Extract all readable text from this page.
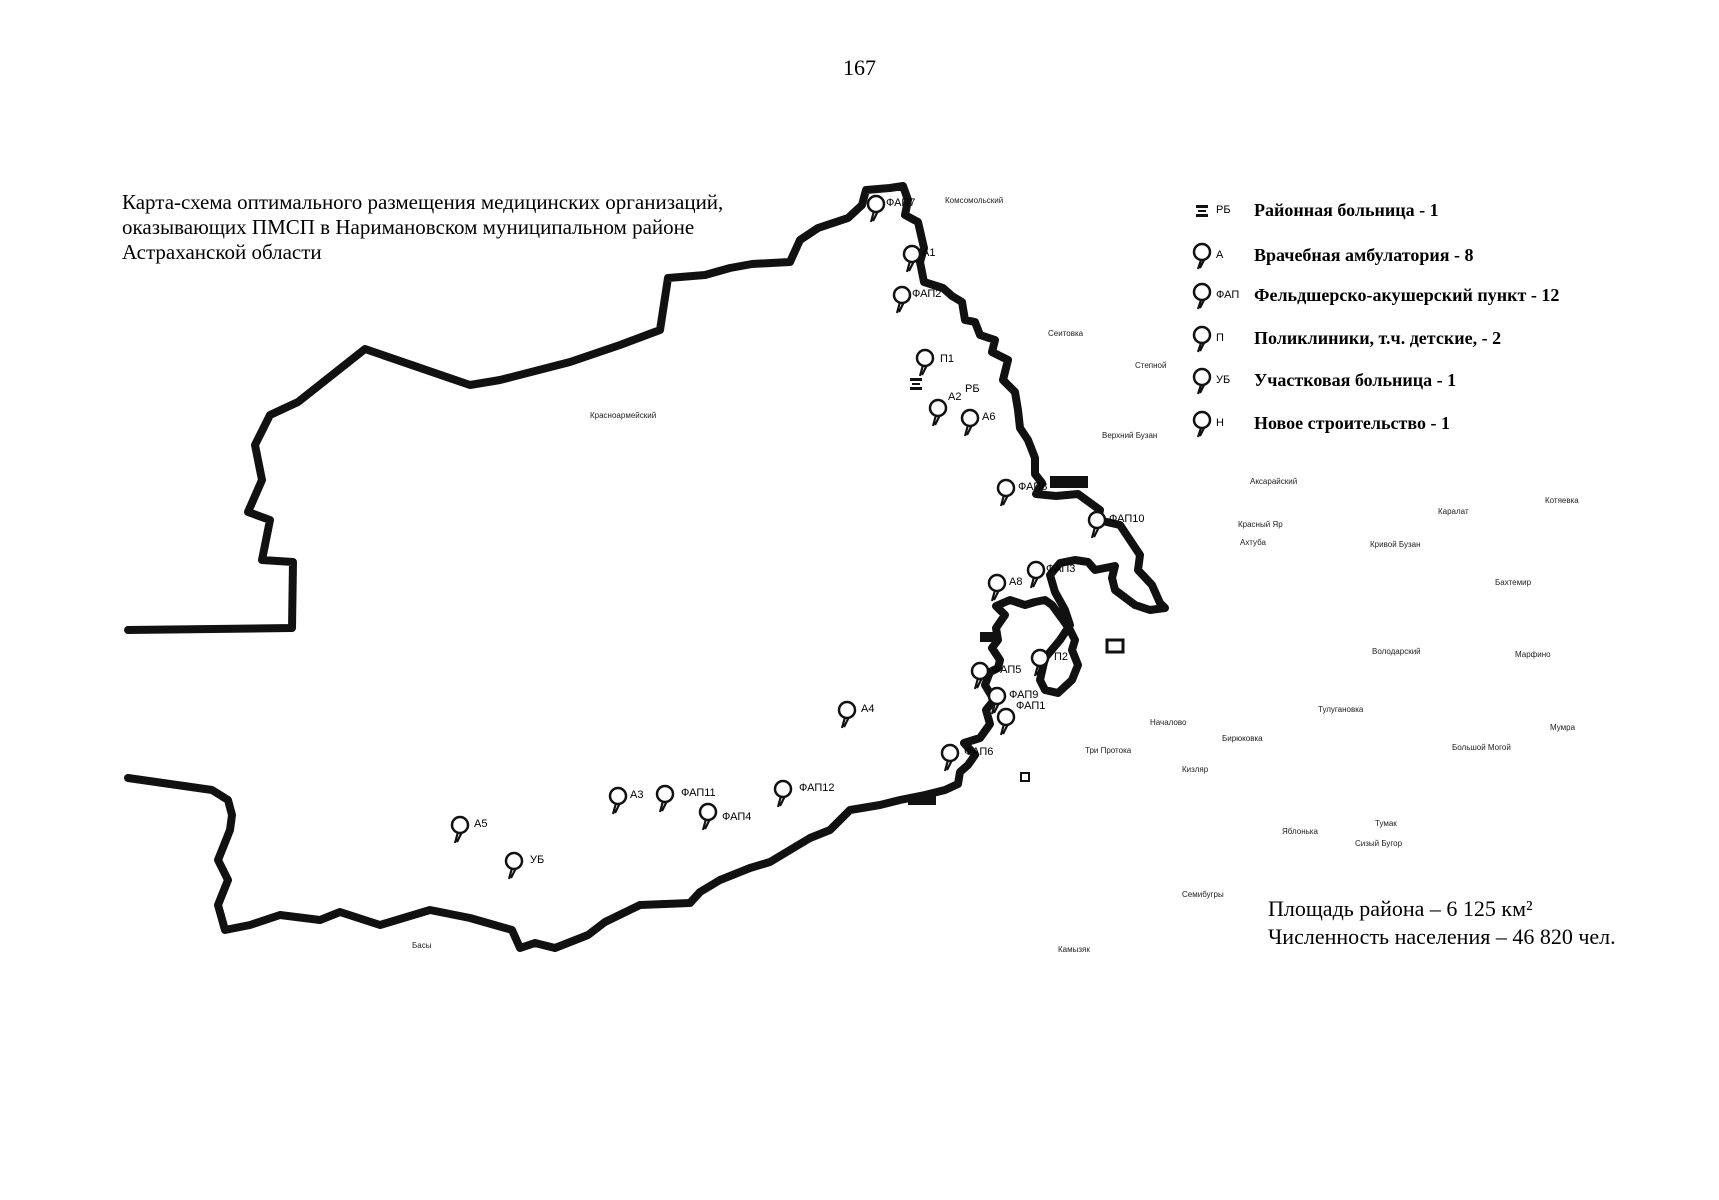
167
Карта-схема оптимального размещения медицинских организаций, оказывающих ПМСП в Наримановском муниципальном районе Астраханской области
ФАП7
А1
ФАП2
П1
РБ
А2
А6
ФАП8
ФАП10
ФАП3
А8
П2
ФАП5
ФАП9
ФАП1
ФАП6
А4
А3	ФАП11
ФАП4
ФАП12
А5
УБ
Комсомольский
Сеитовка
Степной
Верхний Бузан
Аксарайский
Красный Яр
Кривой Бузан
Бахтемир
Володарский	Марфино
Тумак
Мумра
Большой Могой
Яблонька
Сизый Бугор
Камызяк
Басы
Бирюковка
Три Протока
Кизляр
Началово
Красноармейский
Каралат
Котяевка
Ахтуба
Тулугановка
Семибугры
РБ	Районная больница - 1
А	Врачебная амбулатория - 8
ФАП Фельдшерско-акушерский пункт - 12
П	Поликлиники, т.ч. детские, - 2
УБ	Участковая больница - 1
Н	Новое строительство - 1
Площадь района – 6 125 км²
Численность населения – 46 820 чел.
